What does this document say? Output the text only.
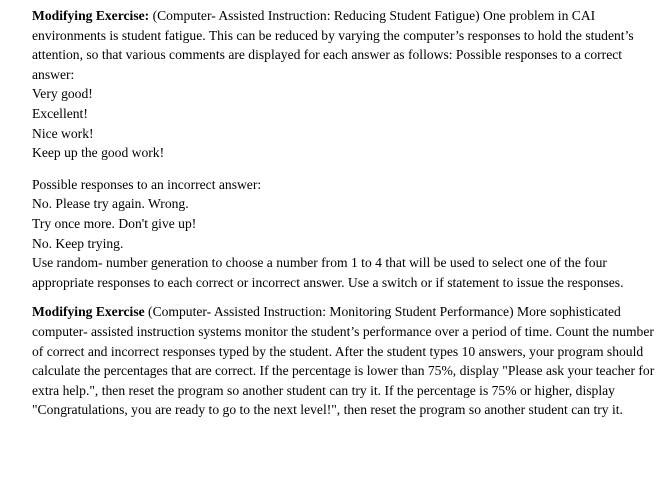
Modifying Exercise: (Computer- Assisted Instruction: Reducing Student Fatigue) One problem in CAI environments is student fatigue. This can be reduced by varying the computer’s responses to hold the student’s attention, so that various comments are displayed for each answer as follows: Possible responses to a correct answer:

Very good!

Excellent!

Nice work!

Keep up the good work!

Possible responses to an incorrect answer:

No. Please try again. Wrong.

Try once more. Don't give up!

No. Keep trying.

Use random- number generation to choose a number from 1 to 4 that will be used to select one of the four appropriate responses to each correct or incorrect answer. Use a switch or if statement to issue the responses.

Modifying Exercise (Computer- Assisted Instruction: Monitoring Student Performance) More sophisticated computer- assisted instruction systems monitor the student’s performance over a period of time. Count the number of correct and incorrect responses typed by the student. After the student types 10 answers, your program should calculate the percentages that are correct. If the percentage is lower than 75%, display "Please ask your teacher for extra help.", then reset the program so another student can try it. If the percentage is 75% or higher, display "Congratulations, you are ready to go to the next level!", then reset the program so another student can try it.
